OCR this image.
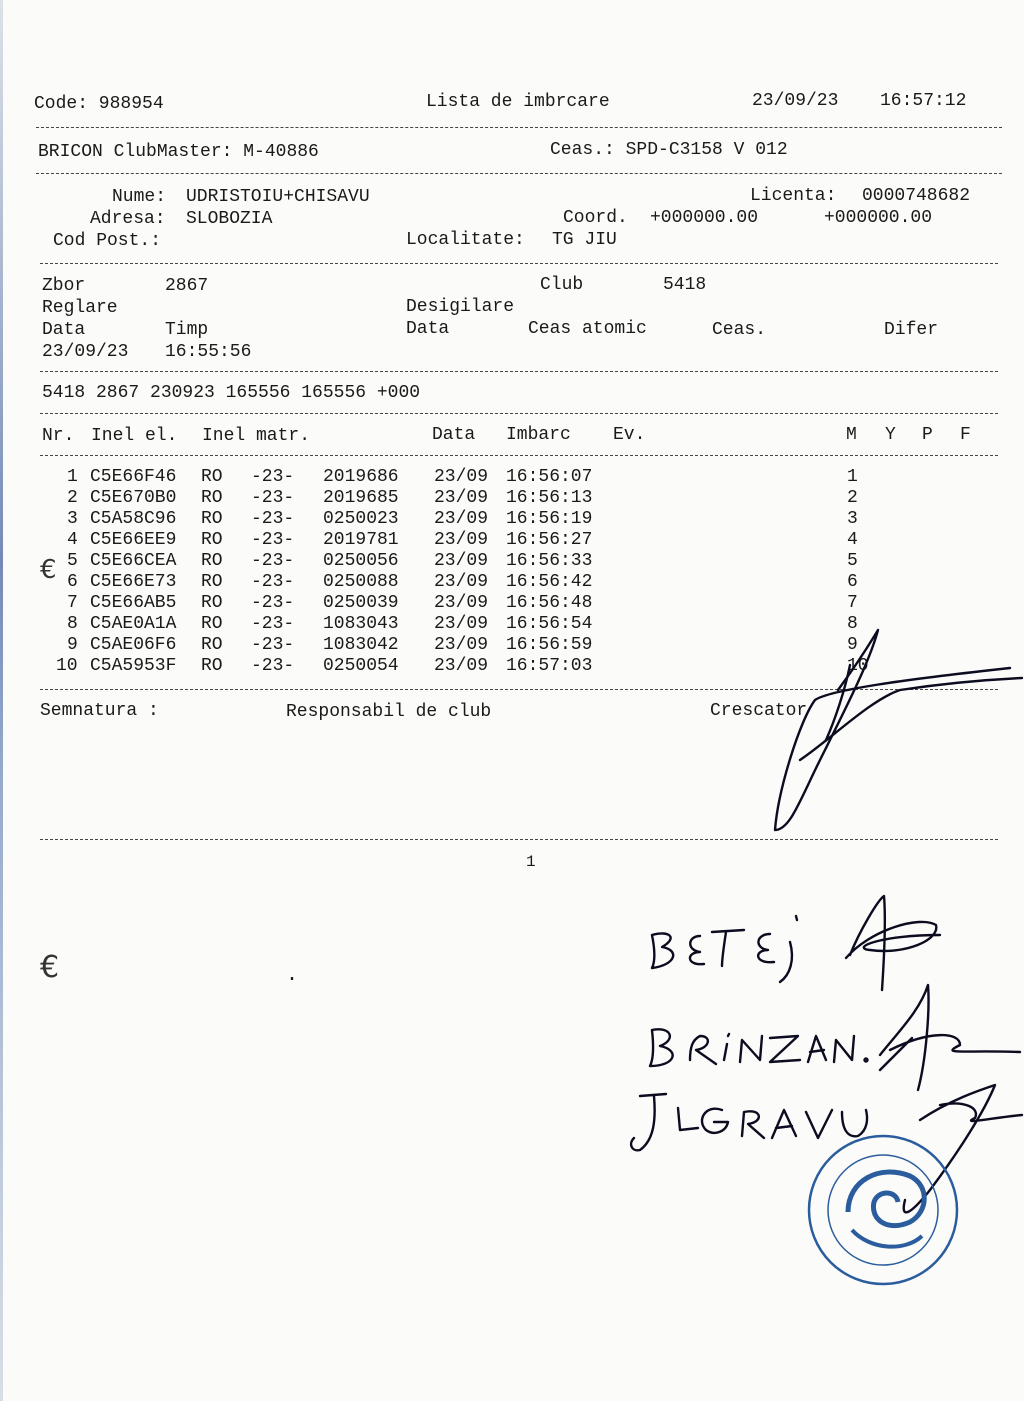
Code: 988954	Lista de imbrcare	23/09/23 16:57:12
BRICON ClubMaster: M-40886	Ceas.: SPD-C3158 V 012
Nume: UDRISTOIU+CHISAVU	Licenta: 0000748682
Adresa: SLOBOZIA	Coord. +000000.00	+000000.00
Cod Post.:	Localitate: TG JIU
Zbor	2867	Club	5418
Reglare	Desigilare
Data	Timp	Data	Ceas atomic	Ceas.	Difer
23/09/23 16:55:56
5418 2867 230923 165556 165556 +000
Nr. Inel el. Inel matr.	Data Imbarc Ev.	M Y P F
1 C5E66F46 RO -23- 2019686 23/09 16:56:07	1
2 C5E670B0 RO -23- 2019685 23/09 16:56:13	2
3 C5A58C96 RO -23- 0250023 23/09 16:56:19	3
4 C5E66EE9 RO -23- 2019781 23/09 16:56:27	4
5 C5E66CEA RO -23- 0250056 23/09 16:56:33	5
6 C5E66E73 RO -23- 0250088 23/09 16:56:42	6
7 C5E66AB5 RO -23- 0250039 23/09 16:56:48	7
8 C5AE0A1A RO -23- 1083043 23/09 16:56:54	8
9 C5AE06F6 RO -23- 1083042 23/09 16:56:59	9
10 C5A5953F RO -23- 0250054 23/09 16:57:03	10
Semnatura :	Responsabil de club	Crescator
1
€
€
·
